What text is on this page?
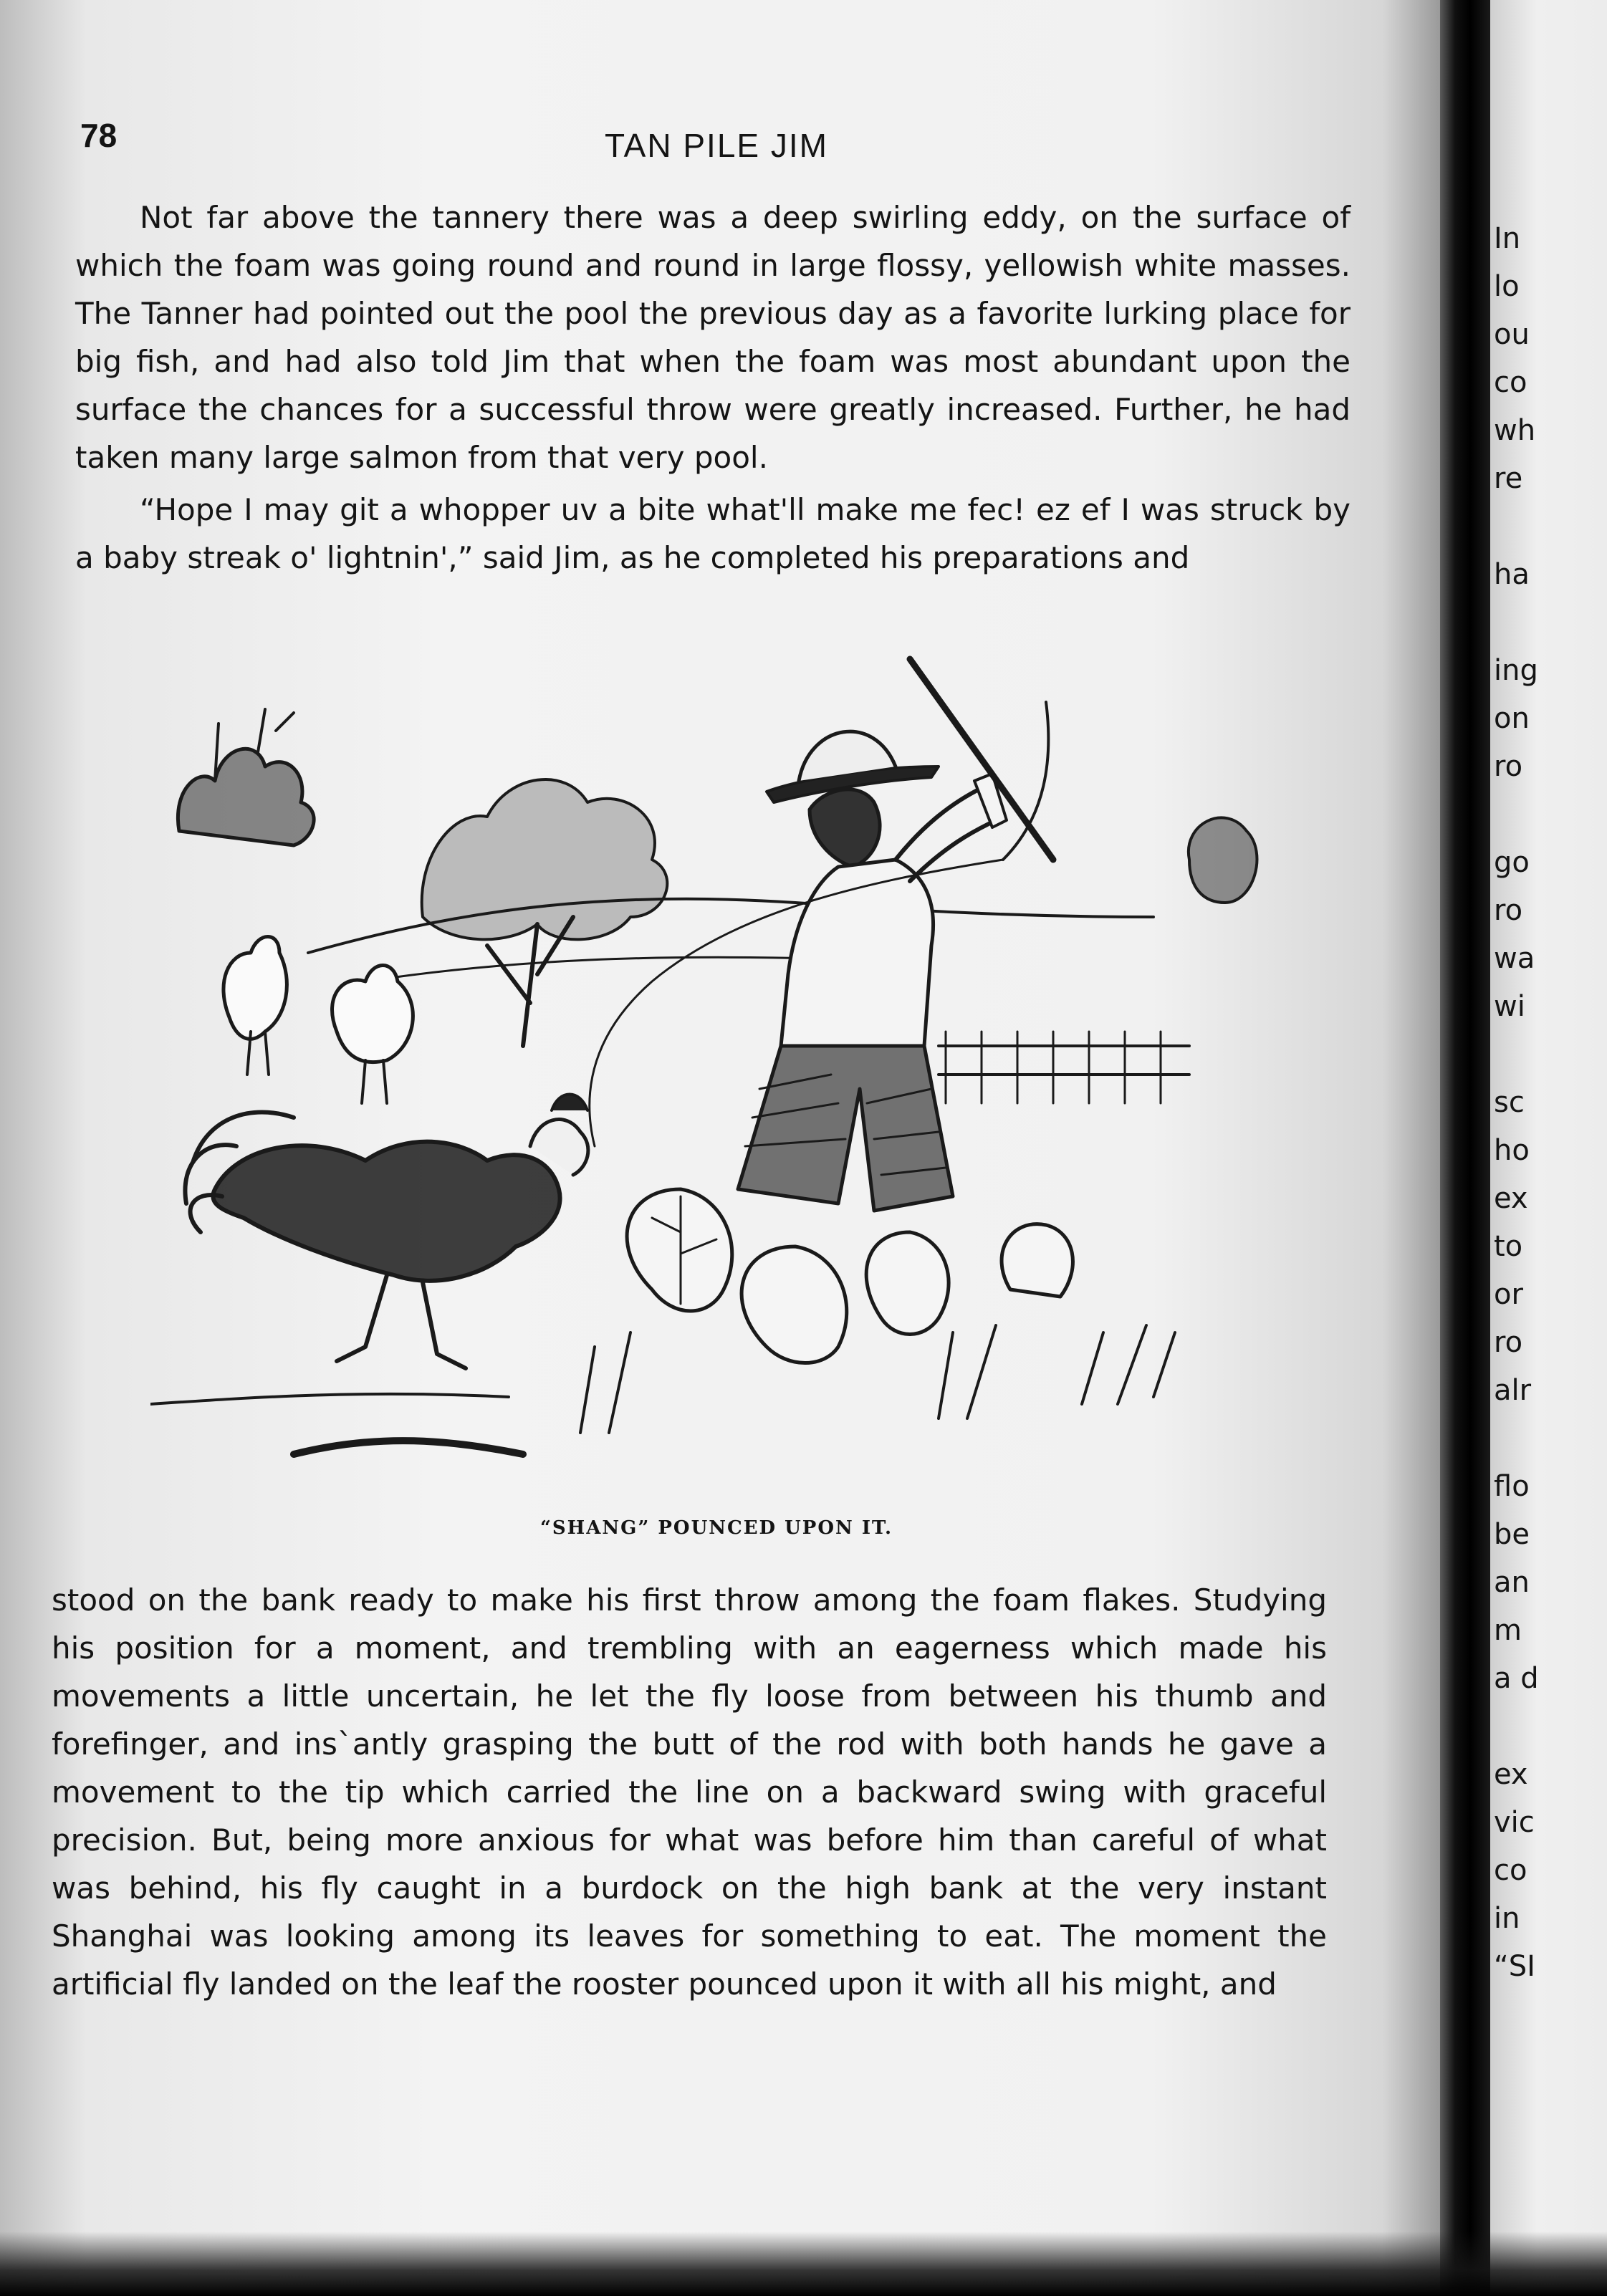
78	TAN PILE JIM

Not far above the tannery there was a deep swirling eddy, on the surface of which the foam was going round and round in large flossy, yellowish white masses. The Tanner had pointed out the pool the previous day as a favorite lurking place for big fish, and had also told Jim that when the foam was most abundant upon the surface the chances for a successful throw were greatly increased. Further, he had taken many large salmon from that very pool.

“Hope I may git a whopper uv a bite what'll make me fec! ez ef I was struck by a baby streak o' lightnin',” said Jim, as he completed his preparations and

“SHANG” POUNCED UPON IT.

stood on the bank ready to make his first throw among the foam flakes. Studying his position for a moment, and trembling with an eagerness which made his movements a little uncertain, he let the fly loose from between his thumb and forefinger, and ins`antly grasping the butt of the rod with both hands he gave a movement to the tip which carried the line on a backward swing with graceful precision. But, being more anxious for what was before him than careful of what was behind, his fly caught in a burdock on the high bank at the very instant Shanghai was looking among its leaves for something to eat. The moment the artificial fly landed on the leaf the rooster pounced upon it with all his might, and

In
lo
ou
co
wh
re
ha
ing
on
ro
go
ro
wa
wi
sc
ho
ex
to
or
ro
alr
flo
be
an
m
a d
ex
vic
co
in
“SI
